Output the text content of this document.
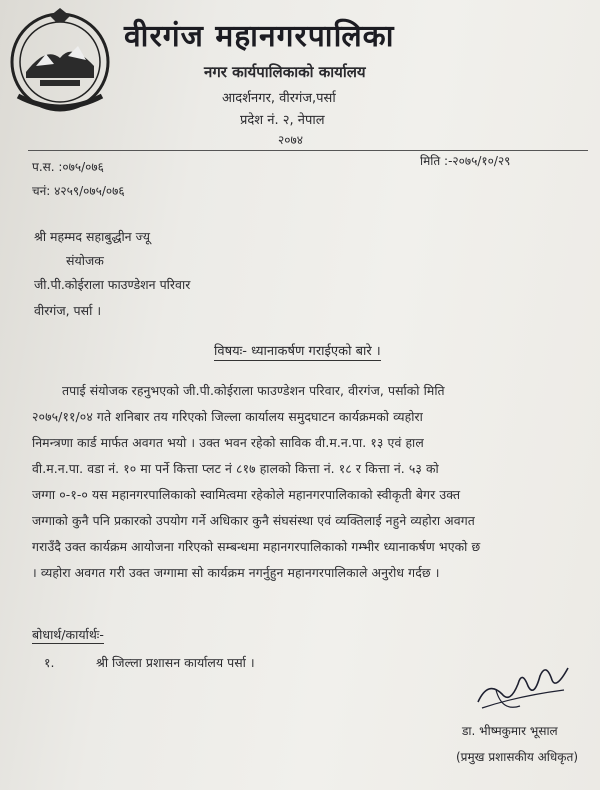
वीरगंज महानगरपालिका
नगर कार्यपालिकाको कार्यालय
आदर्शनगर, वीरगंज,पर्सा
प्रदेश नं. २, नेपाल
२०७४
प.स. :०७५/०७६	मिति :-२०७५/१०/२९
चनं: ४२५९/०७५/०७६
श्री महम्मद सहाबुद्धीन ज्यू
संयोजक
जी.पी.कोईराला फाउण्डेशन परिवार
वीरगंज, पर्सा ।
विषयः- ध्यानाकर्षण गराईएको बारे ।
तपाई संयोजक रहनुभएको जी.पी.कोईराला फाउण्डेशन परिवार, वीरगंज, पर्साको मिति
२०७५/११/०४ गते शनिबार तय गरिएको जिल्ला कार्यालय समुदघाटन कार्यक्रमको व्यहोरा
निमन्त्रणा कार्ड मार्फत अवगत भयो । उक्त भवन रहेको साविक वी.म.न.पा. १३ एवं हाल
वी.म.न.पा. वडा नं. १० मा पर्ने कित्ता प्लट नं ८१७ हालको कित्ता नं. १८ र कित्ता नं. ५३ को
जग्गा ०-१-० यस महानगरपालिकाको स्वामित्वमा रहेकोले महानगरपालिकाको स्वीकृती बेगर उक्त
जग्गाको कुनै पनि प्रकारको उपयोग गर्ने अधिकार कुनै संघसंस्था एवं व्यक्तिलाई नहुने व्यहोरा अवगत
गराउँदै उक्त कार्यक्रम आयोजना गरिएको सम्बन्धमा महानगरपालिकाको गम्भीर ध्यानाकर्षण भएको छ
। व्यहोरा अवगत गरी उक्त जग्गामा सो कार्यक्रम नगर्नुहुन महानगरपालिकाले अनुरोध गर्दछ ।
बोधार्थ/कार्यार्थः-
१.	श्री जिल्ला प्रशासन कार्यालय पर्सा ।
डा. भीष्मकुमार भूसाल
(प्रमुख प्रशासकीय अधिकृत)
